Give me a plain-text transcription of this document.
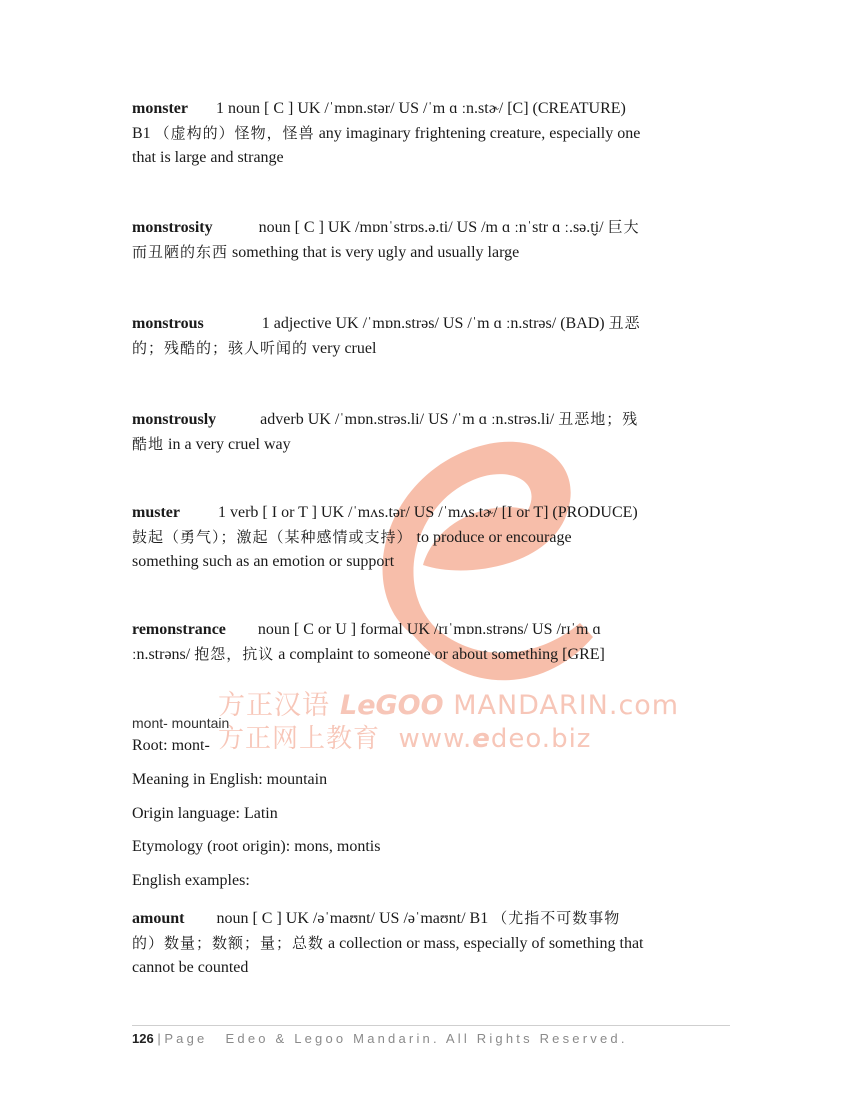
方正汉语 LeGOO MANDARIN.com
方正网上教育 www.edeo.biz
monster 1 noun [ C ] UK /ˈmɒn.stər/ US /ˈm ɑ ːn.stɚ/ [C] (CREATURE)
B1 （虚构的）怪物，怪兽 any imaginary frightening creature, especially one
that is large and strange
monstrosity	noun [ C ] UK /mɒnˈstrɒs.ə.ti/ US /m ɑ ːnˈstr ɑ ː.sə.t̬i/ 巨大
而丑陋的东西 something that is very ugly and usually large
monstrous	1 adjective UK /ˈmɒn.strəs/ US /ˈm ɑ ːn.strəs/ (BAD) 丑恶
的；残酷的；骇人听闻的 very cruel
monstrously	adverb UK /ˈmɒn.strəs.li/ US /ˈm ɑ ːn.strəs.li/ 丑恶地；残
酷地 in a very cruel way
muster 1 verb [ I or T ] UK /ˈmʌs.tər/ US /ˈmʌs.tɚ/ [I or T] (PRODUCE)
鼓起（勇气）；激起（某种感情或支持） to produce or encourage
something such as an emotion or support
remonstrance noun [ C or U ] formal UK /rɪˈmɒn.strəns/ US /rɪˈm ɑ
ːn.strəns/ 抱怨，抗议 a complaint to someone or about something [GRE]
mont- mountain
Root: mont-
Meaning in English: mountain
Origin language: Latin
Etymology (root origin): mons, montis
English examples:
amount noun [ C ] UK /əˈmaʊnt/ US /əˈmaʊnt/ B1 （尤指不可数事物
的）数量；数额；量；总数 a collection or mass, especially of something that
cannot be counted
126 | Page Edeo & Legoo Mandarin. All Rights Reserved.
